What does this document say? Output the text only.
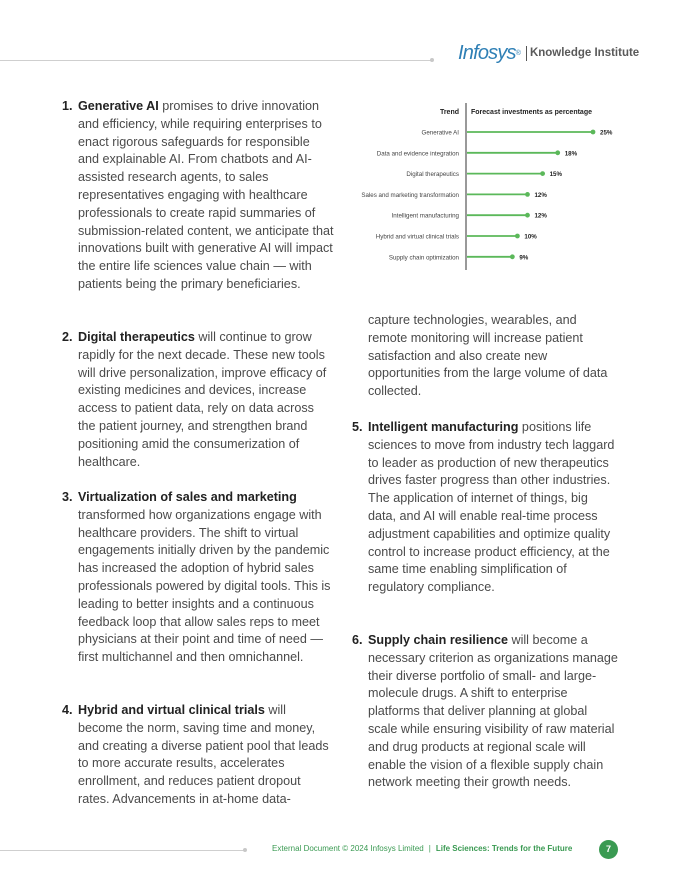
Infosys ® Knowledge Institute
1. Generative AI promises to drive innovation and efficiency, while requiring enterprises to enact rigorous safeguards for responsible and explainable AI. From chatbots and AI-assisted research agents, to sales representatives engaging with healthcare professionals to create rapid summaries of submission-related content, we anticipate that innovations built with generative AI will impact the entire life sciences value chain — with patients being the primary beneficiaries.

2. Digital therapeutics will continue to grow rapidly for the next decade. These new tools will drive personalization, improve efficacy of existing medicines and devices, increase access to patient data, rely on data across the patient journey, and strengthen brand positioning amid the consumerization of healthcare.

3. Virtualization of sales and marketing transformed how organizations engage with healthcare providers. The shift to virtual engagements initially driven by the pandemic has increased the adoption of hybrid sales professionals powered by digital tools. This is leading to better insights and a continuous feedback loop that allow sales reps to meet physicians at their point and time of need — first multichannel and then omnichannel.

4. Hybrid and virtual clinical trials will become the norm, saving time and money, and creating a diverse patient pool that leads to more accurate results, accelerates enrollment, and reduces patient dropout rates. Advancements in at-home data-

capture technologies, wearables, and remote monitoring will increase patient satisfaction and also create new opportunities from the large volume of data collected.

5. Intelligent manufacturing positions life sciences to move from industry tech laggard to leader as production of new therapeutics drives faster progress than other industries. The application of internet of things, big data, and AI will enable real-time process adjustment capabilities and optimize quality control to increase product efficiency, at the same time enabling simplification of regulatory compliance.

6. Supply chain resilience will become a necessary criterion as organizations manage their diverse portfolio of small- and large-molecule drugs. A shift to enterprise platforms that deliver planning at global scale while ensuring visibility of raw material and drug products at regional scale will enable the vision of a flexible supply chain network meeting their growth needs.

Trend Forecast investments as percentage
Generative AI	25%
Data and evidence integration	18%
Digital therapeutics	15%
Sales and marketing transformation	12%
Intelligent manufacturing	12%
Hybrid and virtual clinical trials	10%
Supply chain optimization	9%
External Document © 2024 Infosys Limited | Life Sciences: Trends for the Future	7
